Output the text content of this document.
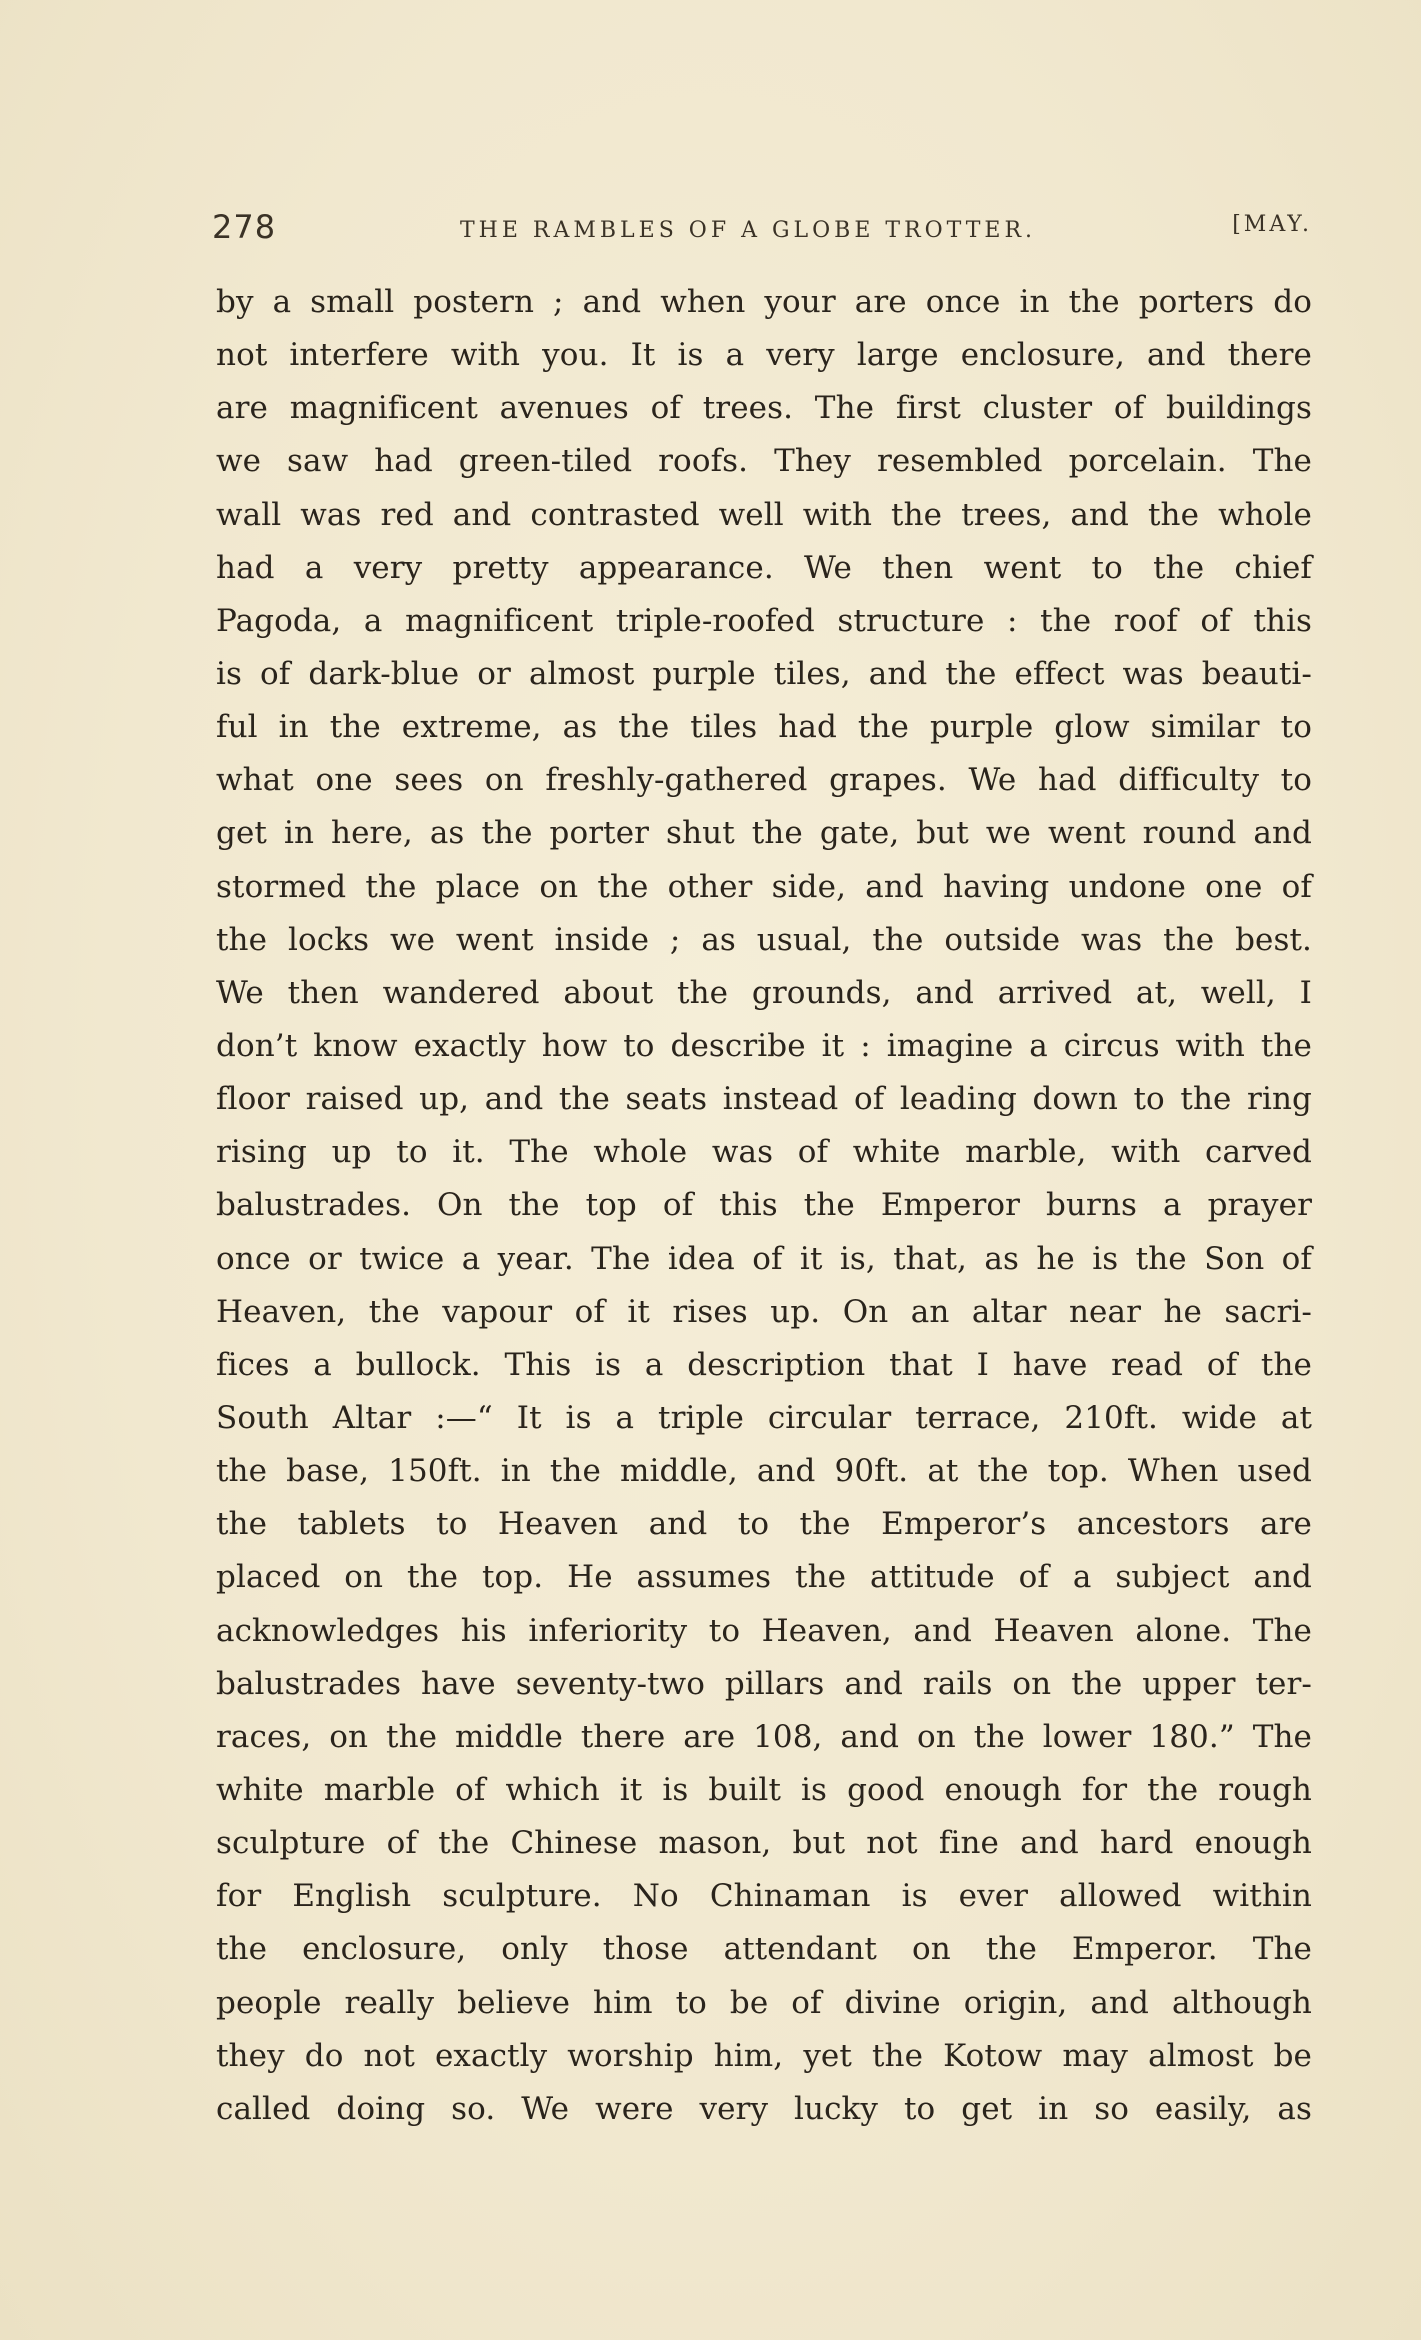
278	THE RAMBLES OF A GLOBE TROTTER.	[MAY.
by a small postern ; and when your are once in the porters do
not interfere with you. It is a very large enclosure, and there
are magnificent avenues of trees. The first cluster of buildings
we saw had green-tiled roofs. They resembled porcelain. The
wall was red and contrasted well with the trees, and the whole
had a very pretty appearance. We then went to the chief
Pagoda, a magnificent triple-roofed structure : the roof of this
is of dark-blue or almost purple tiles, and the effect was beauti-
ful in the extreme, as the tiles had the purple glow similar to
what one sees on freshly-gathered grapes. We had difficulty to
get in here, as the porter shut the gate, but we went round and
stormed the place on the other side, and having undone one of
the locks we went inside ; as usual, the outside was the best.
We then wandered about the grounds, and arrived at, well, I
don’t know exactly how to describe it : imagine a circus with the
floor raised up, and the seats instead of leading down to the ring
rising up to it. The whole was of white marble, with carved
balustrades. On the top of this the Emperor burns a prayer
once or twice a year. The idea of it is, that, as he is the Son of
Heaven, the vapour of it rises up. On an altar near he sacri-
fices a bullock. This is a description that I have read of the
South Altar :—“ It is a triple circular terrace, 210ft. wide at
the base, 150ft. in the middle, and 90ft. at the top. When used
the tablets to Heaven and to the Emperor’s ancestors are
placed on the top. He assumes the attitude of a subject and
acknowledges his inferiority to Heaven, and Heaven alone. The
balustrades have seventy-two pillars and rails on the upper ter-
races, on the middle there are 108, and on the lower 180.” The
white marble of which it is built is good enough for the rough
sculpture of the Chinese mason, but not fine and hard enough
for English sculpture. No Chinaman is ever allowed within
the enclosure, only those attendant on the Emperor. The
people really believe him to be of divine origin, and although
they do not exactly worship him, yet the Kotow may almost be
called doing so. We were very lucky to get in so easily, as
